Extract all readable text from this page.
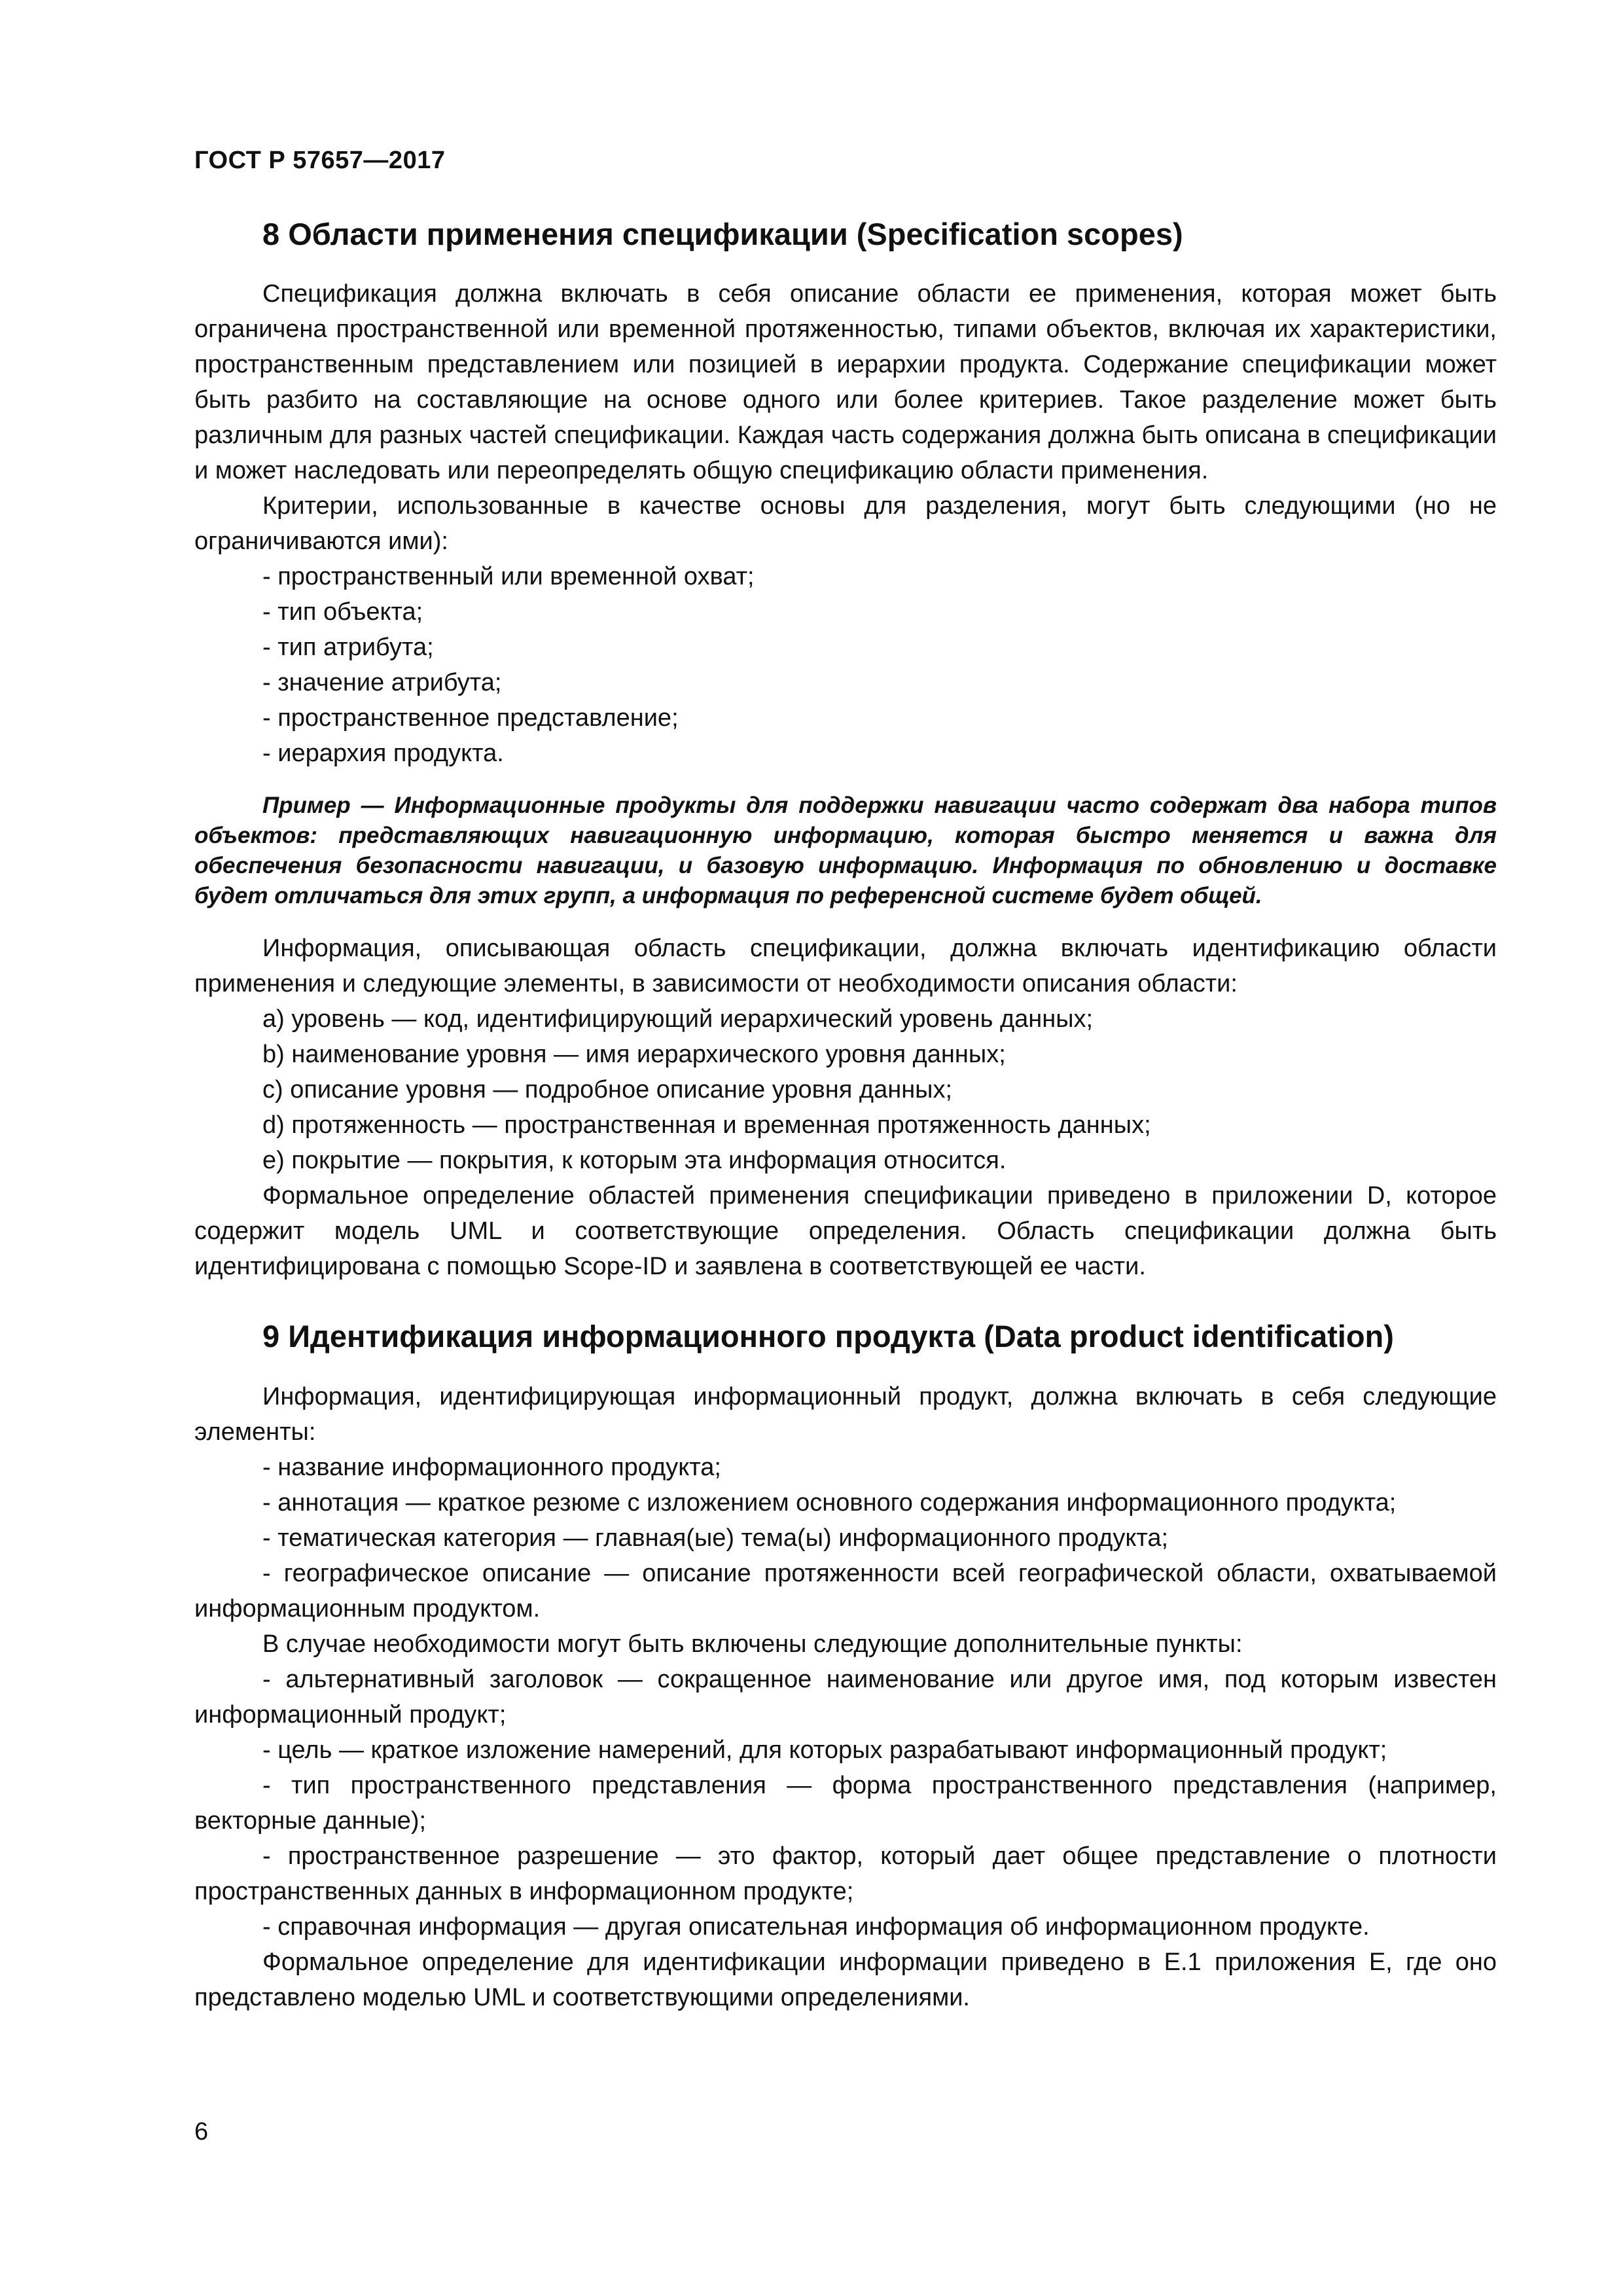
ГОСТ Р 57657—2017
8 Области применения спецификации (Specification scopes)

Спецификация должна включать в себя описание области ее применения, которая может быть ограничена пространственной или временной протяженностью, типами объектов, включая их характеристики, пространственным представлением или позицией в иерархии продукта. Содержание спецификации может быть разбито на составляющие на основе одного или более критериев. Такое разделение может быть различным для разных частей спецификации. Каждая часть содержания должна быть описана в спецификации и может наследовать или переопределять общую спецификацию области применения.

Критерии, использованные в качестве основы для разделения, могут быть следующими (но не ограничиваются ими):

- пространственный или временной охват;
- тип объекта;
- тип атрибута;
- значение атрибута;
- пространственное представление;
- иерархия продукта.

Пример — Информационные продукты для поддержки навигации часто содержат два набора типов объектов: представляющих навигационную информацию, которая быстро меняется и важна для обеспечения безопасности навигации, и базовую информацию. Информация по обновлению и доставке будет отличаться для этих групп, а информация по референсной системе будет общей.

Информация, описывающая область спецификации, должна включать идентификацию области применения и следующие элементы, в зависимости от необходимости описания области:

a) уровень — код, идентифицирующий иерархический уровень данных;
b) наименование уровня — имя иерархического уровня данных;
c) описание уровня — подробное описание уровня данных;
d) протяженность — пространственная и временная протяженность данных;
e) покрытие — покрытия, к которым эта информация относится.

Формальное определение областей применения спецификации приведено в приложении D, которое содержит модель UML и соответствующие определения. Область спецификации должна быть идентифицирована с помощью Scope-ID и заявлена в соответствующей ее части.

9 Идентификация информационного продукта (Data product identification)

Информация, идентифицирующая информационный продукт, должна включать в себя следующие элементы:

- название информационного продукта;
- аннотация — краткое резюме с изложением основного содержания информационного продукта;
- тематическая категория — главная(ые) тема(ы) информационного продукта;
- географическое описание — описание протяженности всей географической области, охватываемой информационным продуктом.

В случае необходимости могут быть включены следующие дополнительные пункты:

- альтернативный заголовок — сокращенное наименование или другое имя, под которым известен информационный продукт;
- цель — краткое изложение намерений, для которых разрабатывают информационный продукт;
- тип пространственного представления — форма пространственного представления (например, векторные данные);
- пространственное разрешение — это фактор, который дает общее представление о плотности пространственных данных в информационном продукте;
- справочная информация — другая описательная информация об информационном продукте.

Формальное определение для идентификации информации приведено в Е.1 приложения Е, где оно представлено моделью UML и соответствующими определениями.

6
